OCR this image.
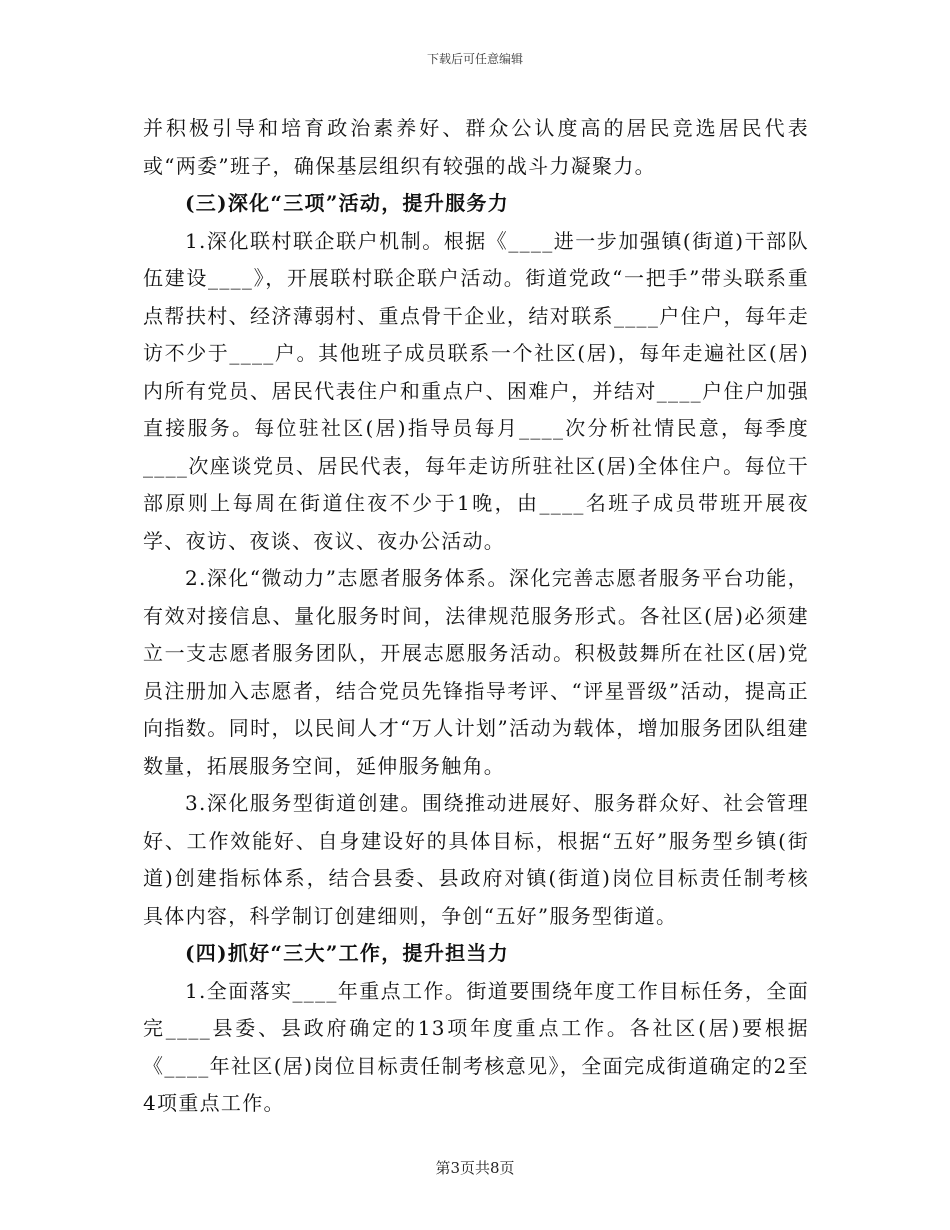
下载后可任意编辑

并积极引导和培育政治素养好、群众公认度高的居民竞选居民代表或“两委”班子，确保基层组织有较强的战斗力凝聚力。

(三)深化“三项”活动，提升服务力

1.深化联村联企联户机制。根据《____进一步加强镇(街道)干部队伍建设____》，开展联村联企联户活动。街道党政“一把手”带头联系重点帮扶村、经济薄弱村、重点骨干企业，结对联系____户住户，每年走访不少于____户。其他班子成员联系一个社区(居)，每年走遍社区(居)内所有党员、居民代表住户和重点户、困难户，并结对____户住户加强直接服务。每位驻社区(居)指导员每月____次分析社情民意，每季度____次座谈党员、居民代表，每年走访所驻社区(居)全体住户。每位干部原则上每周在街道住夜不少于1晚，由____名班子成员带班开展夜学、夜访、夜谈、夜议、夜办公活动。

2.深化“微动力”志愿者服务体系。深化完善志愿者服务平台功能，有效对接信息、量化服务时间，法律规范服务形式。各社区(居)必须建立一支志愿者服务团队，开展志愿服务活动。积极鼓舞所在社区(居)党员注册加入志愿者，结合党员先锋指导考评、“评星晋级”活动，提高正向指数。同时，以民间人才“万人计划”活动为载体，增加服务团队组建数量，拓展服务空间，延伸服务触角。

3.深化服务型街道创建。围绕推动进展好、服务群众好、社会管理好、工作效能好、自身建设好的具体目标，根据“五好”服务型乡镇(街道)创建指标体系，结合县委、县政府对镇(街道)岗位目标责任制考核具体内容，科学制订创建细则，争创“五好”服务型街道。

(四)抓好“三大”工作，提升担当力

1.全面落实____年重点工作。街道要围绕年度工作目标任务，全面完____县委、县政府确定的13项年度重点工作。各社区(居)要根据《____年社区(居)岗位目标责任制考核意见》，全面完成街道确定的2至4项重点工作。

第3页共8页
